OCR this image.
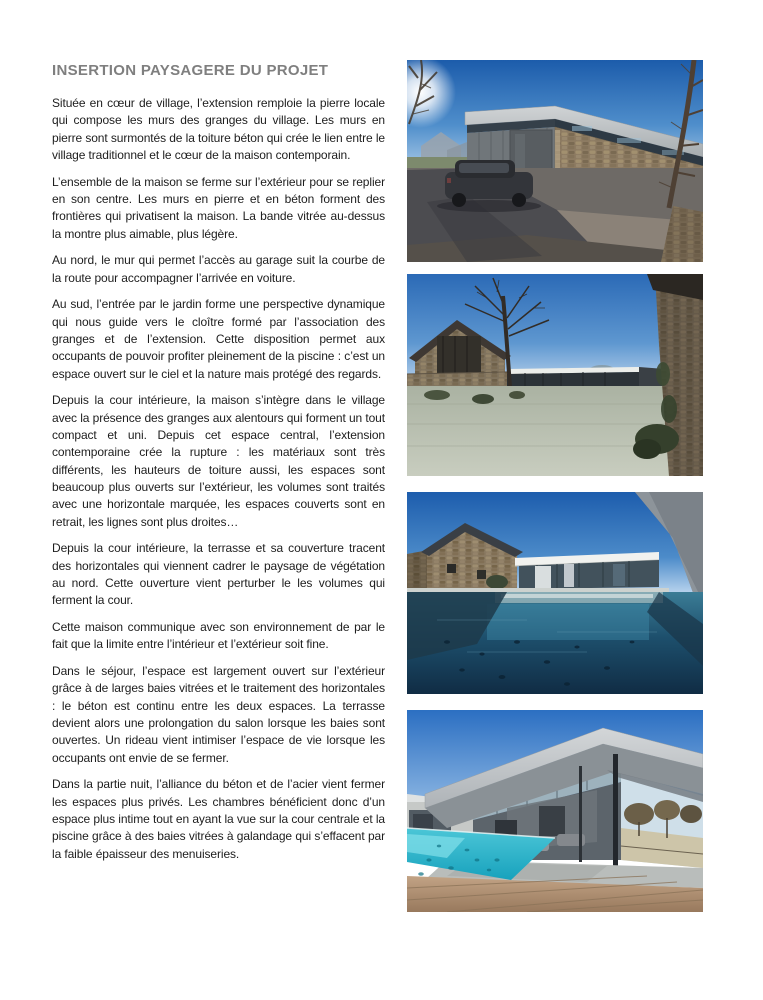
INSERTION PAYSAGERE DU PROJET

Située en cœur de village, l’extension remploie la pierre locale qui compose les murs des granges du village. Les murs en pierre sont surmontés de la toiture béton qui crée le lien entre le village traditionnel et le cœur de la maison contemporain.

L’ensemble de la maison se ferme sur l’extérieur pour se replier en son centre. Les murs en pierre et en béton forment des frontières qui privatisent la maison. La bande vitrée au-dessus la montre plus aimable, plus légère.

Au nord, le mur qui permet l’accès au garage suit la courbe de la route pour accompagner l’arrivée en voiture.

Au sud, l’entrée par le jardin forme une perspective dynamique qui nous guide vers le cloître formé par l’association des granges et de l’extension. Cette disposition permet aux occupants de pouvoir profiter pleinement de la piscine : c’est un espace ouvert sur le ciel et la nature mais protégé des regards.

Depuis la cour intérieure, la maison s’intègre dans le village avec la présence des granges aux alentours qui forment un tout compact et uni. Depuis cet espace central, l’extension contemporaine crée la rupture : les matériaux sont très différents, les hauteurs de toiture aussi, les espaces sont beaucoup plus ouverts sur l’extérieur, les volumes sont traités avec une horizontale marquée, les espaces couverts sont en retrait, les lignes sont plus droites…

Depuis la cour intérieure, la terrasse et sa couverture tracent des horizontales qui viennent cadrer le paysage de végétation au nord. Cette ouverture vient perturber le les volumes qui ferment la cour.

Cette maison communique avec son environnement de par le fait que la limite entre l’intérieur et l’extérieur soit fine.

Dans le séjour, l’espace est largement ouvert sur l’extérieur grâce à de larges baies vitrées et le traitement des horizontales : le béton est continu entre les deux espaces. La terrasse devient alors une prolongation du salon lorsque les baies sont ouvertes. Un rideau vient intimiser l’espace de vie lorsque les occupants ont envie de se fermer.

Dans la partie nuit, l’alliance du béton et de l’acier vient fermer les espaces plus privés. Les chambres bénéficient donc d’un espace plus intime tout en ayant la vue sur la cour centrale et la piscine grâce à des baies vitrées à galandage qui s’effacent par la faible épaisseur des menuiseries.
